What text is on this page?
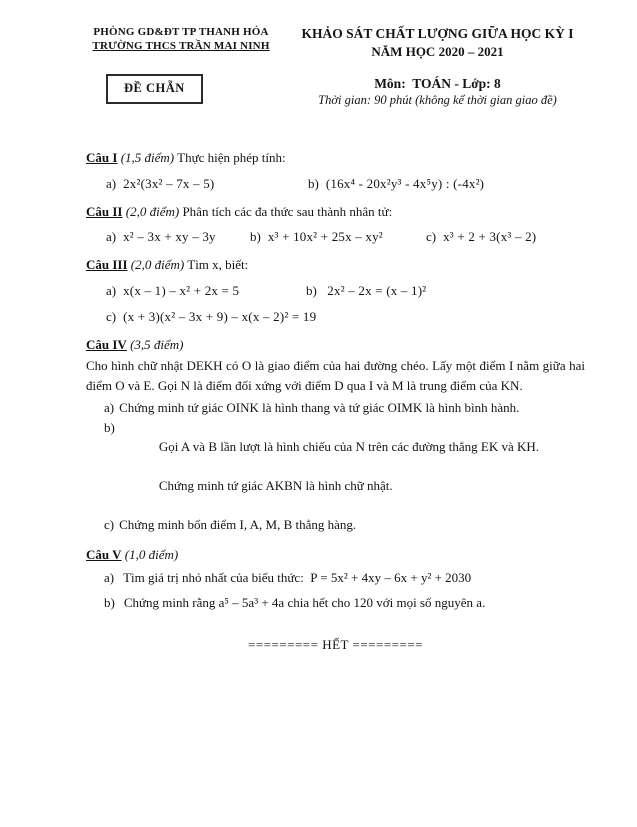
PHÒNG GD&ĐT TP THANH HÓA
TRƯỜNG THCS TRẦN MAI NINH
ĐỀ CHẴN
KHẢO SÁT CHẤT LƯỢNG GIỮA HỌC KỲ I
NĂM HỌC 2020 – 2021
Môn:  TOÁN - Lớp: 8
Thời gian: 90 phút (không kể thời gian giao đề)
Câu I (1,5 điểm) Thực hiện phép tính:
a) 2x²(3x² – 7x – 5)	b) (16x⁴ - 20x²y³ - 4x⁵y) : (-4x²)
Câu II (2,0 điểm) Phân tích các đa thức sau thành nhân tử:
a) x² – 3x + xy – 3y	b) x³ + 10x² + 25x – xy²	c) x³ + 2 + 3(x³ – 2)
Câu III (2,0 điểm) Tìm x, biết:
a) x(x – 1) – x² + 2x = 5	b) 2x² – 2x = (x – 1)²
c) (x + 3)(x² – 3x + 9) – x(x – 2)² = 19
Câu IV (3,5 điểm)
Cho hình chữ nhật DEKH có O là giao điểm của hai đường chéo. Lấy một điểm I nằm giữa hai điểm O và E. Gọi N là điểm đối xứng với điểm D qua I và M là trung điểm của KN.
a) Chứng minh tứ giác OINK là hình thang và tứ giác OIMK là hình bình hành.
b)

Gọi A và B lần lượt là hình chiếu của N trên các đường thẳng EK và KH.

Chứng minh tứ giác AKBN là hình chữ nhật.

c) Chứng minh bốn điểm I, A, M, B thẳng hàng.
Câu V (1,0 điểm)
a) Tìm giá trị nhỏ nhất của biểu thức:  P = 5x² + 4xy – 6x + y² + 2030
b) Chứng minh rằng a⁵ – 5a³ + 4a chia hết cho 120 với mọi số nguyên a.
========= HẾT =========
